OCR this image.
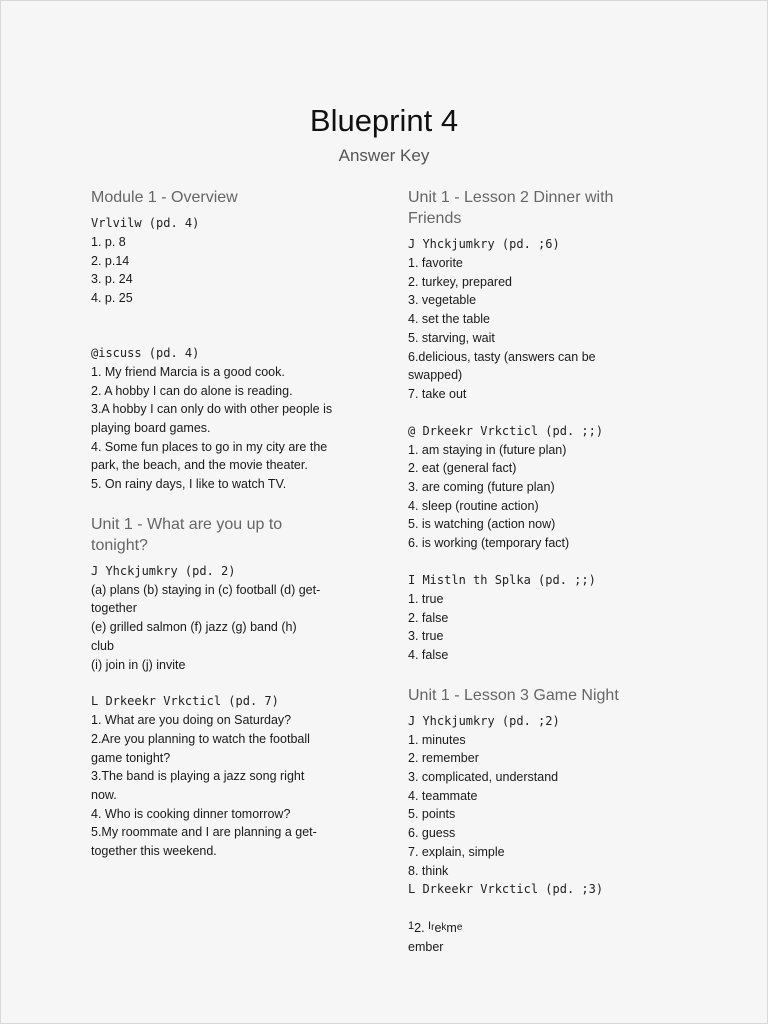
Blueprint 4
Answer Key
Module 1 - Overview
Vrlvilw (pd. 4)
1. p. 8
2. p.14
3. p. 24
4. p. 25
@iscuss (pd. 4)
1. My friend Marcia is a good cook.
2. A hobby I can do alone is reading.
3.A hobby I can only do with other people is
playing board games.
4. Some fun places to go in my city are the
park, the beach, and the movie theater.
5. On rainy days, I like to watch TV.
Unit 1 - What are you up to
tonight?
J Yhckjumkry (pd. 2)
(a) plans (b) staying in (c) football (d) get-
together
(e) grilled salmon (f) jazz (g) band (h)
club
(i) join in (j) invite
L Drkeekr Vrkcticl (pd. 7)
1. What are you doing on Saturday?
2.Are you planning to watch the football
game tonight?
3.The band is playing a jazz song right
now.
4. Who is cooking dinner tomorrow?
5.My roommate and I are planning a get-
together this weekend.
Unit 1 - Lesson 2 Dinner with
Friends
J Yhckjumkry (pd. ;6)
1. favorite
2. turkey, prepared
3. vegetable
4. set the table
5. starving, wait
6.delicious, tasty (answers can be
swapped)
7. take out
@ Drkeekr Vrkcticl (pd. ;;)
1. am staying in (future plan)
2. eat (general fact)
3. are coming (future plan)
4. sleep (routine action)
5. is watching (action now)
6. is working (temporary fact)
I Mistln th Splka (pd. ;;)
1. true
2. false
3. true
4. false
Unit 1 - Lesson 3 Game Night
J Yhckjumkry (pd. ;2)
1. minutes
2. remember
3. complicated, understand
4. teammate
5. points
6. guess
7. explain, simple
8. think
L Drkeekr Vrkcticl (pd. ;3)
12. $Ire^km^e$
ember
